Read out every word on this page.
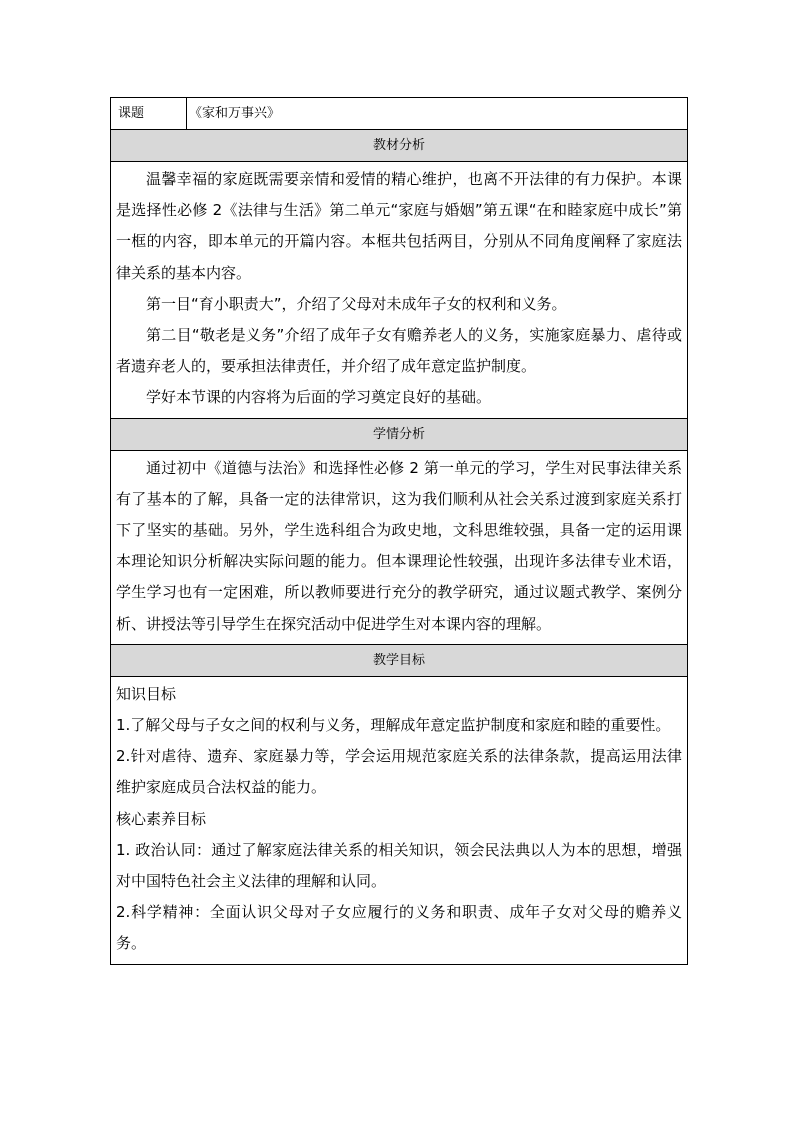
课题	《家和万事兴》
教材分析

温馨幸福的家庭既需要亲情和爱情的精心维护，也离不开法律的有力保护。本课是选择性必修 2《法律与生活》第二单元“家庭与婚姻”第五课“在和睦家庭中成长”第一框的内容，即本单元的开篇内容。本框共包括两目，分别从不同角度阐释了家庭法律关系的基本内容。

第一目“育小职责大”，介绍了父母对未成年子女的权利和义务。

第二目“敬老是义务”介绍了成年子女有赡养老人的义务，实施家庭暴力、虐待或者遗弃老人的，要承担法律责任，并介绍了成年意定监护制度。

学好本节课的内容将为后面的学习奠定良好的基础。

学情分析

通过初中《道德与法治》和选择性必修 2 第一单元的学习，学生对民事法律关系有了基本的了解，具备一定的法律常识，这为我们顺利从社会关系过渡到家庭关系打下了坚实的基础。另外，学生选科组合为政史地，文科思维较强，具备一定的运用课本理论知识分析解决实际问题的能力。但本课理论性较强，出现许多法律专业术语，学生学习也有一定困难，所以教师要进行充分的教学研究，通过议题式教学、案例分析、讲授法等引导学生在探究活动中促进学生对本课内容的理解。

教学目标

知识目标

1.了解父母与子女之间的权利与义务，理解成年意定监护制度和家庭和睦的重要性。

2.针对虐待、遗弃、家庭暴力等，学会运用规范家庭关系的法律条款，提高运用法律维护家庭成员合法权益的能力。

核心素养目标

1. 政治认同：通过了解家庭法律关系的相关知识，领会民法典以人为本的思想，增强对中国特色社会主义法律的理解和认同。

2.科学精神：全面认识父母对子女应履行的义务和职责、成年子女对父母的赡养义务。
